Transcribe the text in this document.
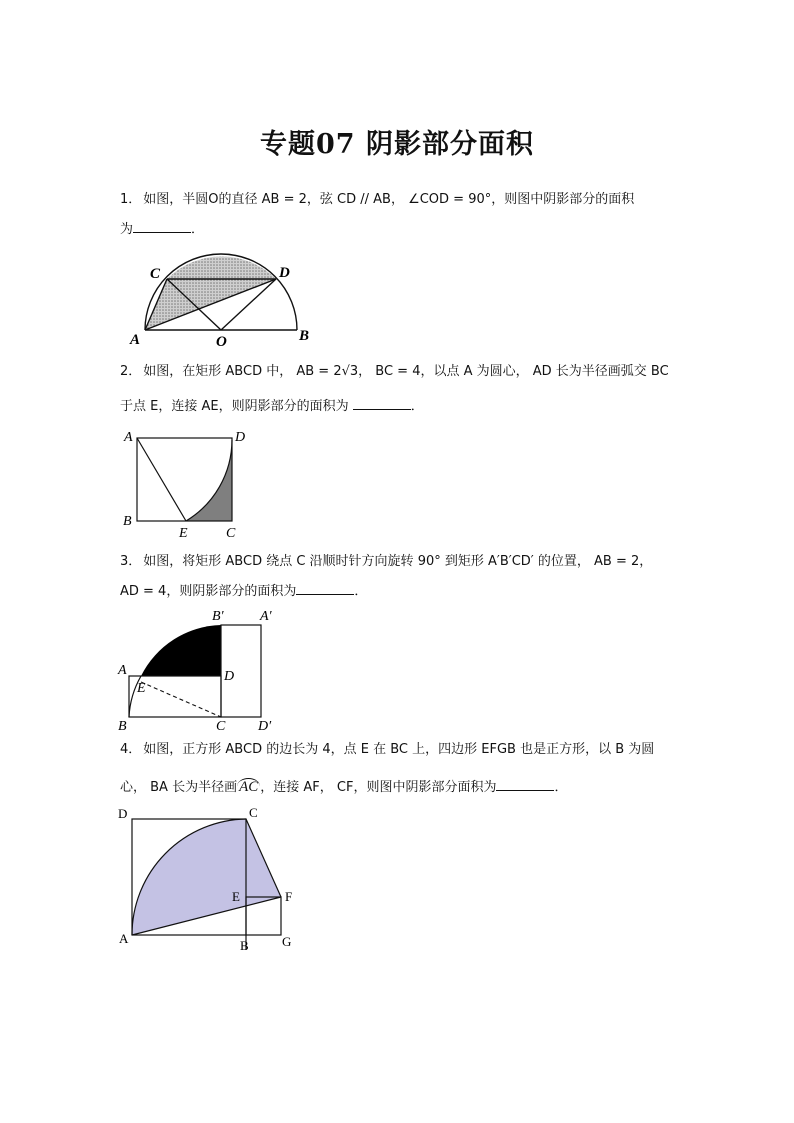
专题07 阴影部分面积
1． 如图，半圆O的直径 AB = 2，弦 CD // AB， ∠COD = 90°，则图中阴影部分的面积
为	．
C	D
A	O	B
2． 如图，在矩形 ABCD 中， AB = 2√3， BC = 4，以点 A 为圆心， AD 长为半径画弧交 BC
于点 E，连接 AE，则阴影部分的面积为	．
A	D
B
E	C
3． 如图，将矩形 ABCD 绕点 C 沿顺时针方向旋转 90° 到矩形 A′B′CD′ 的位置， AB = 2，
AD = 4，则阴影部分的面积为	．
B′	A′
A
E
D
B	C D′
4． 如图，正方形 ABCD 的边长为 4，点 E 在 BC 上，四边形 EFGB 也是正方形，以 B 为圆
心， BA 长为半径画 AC ，连接 AF， CF，则图中阴影部分面积为	．
D	C
E	F
A	B	G
